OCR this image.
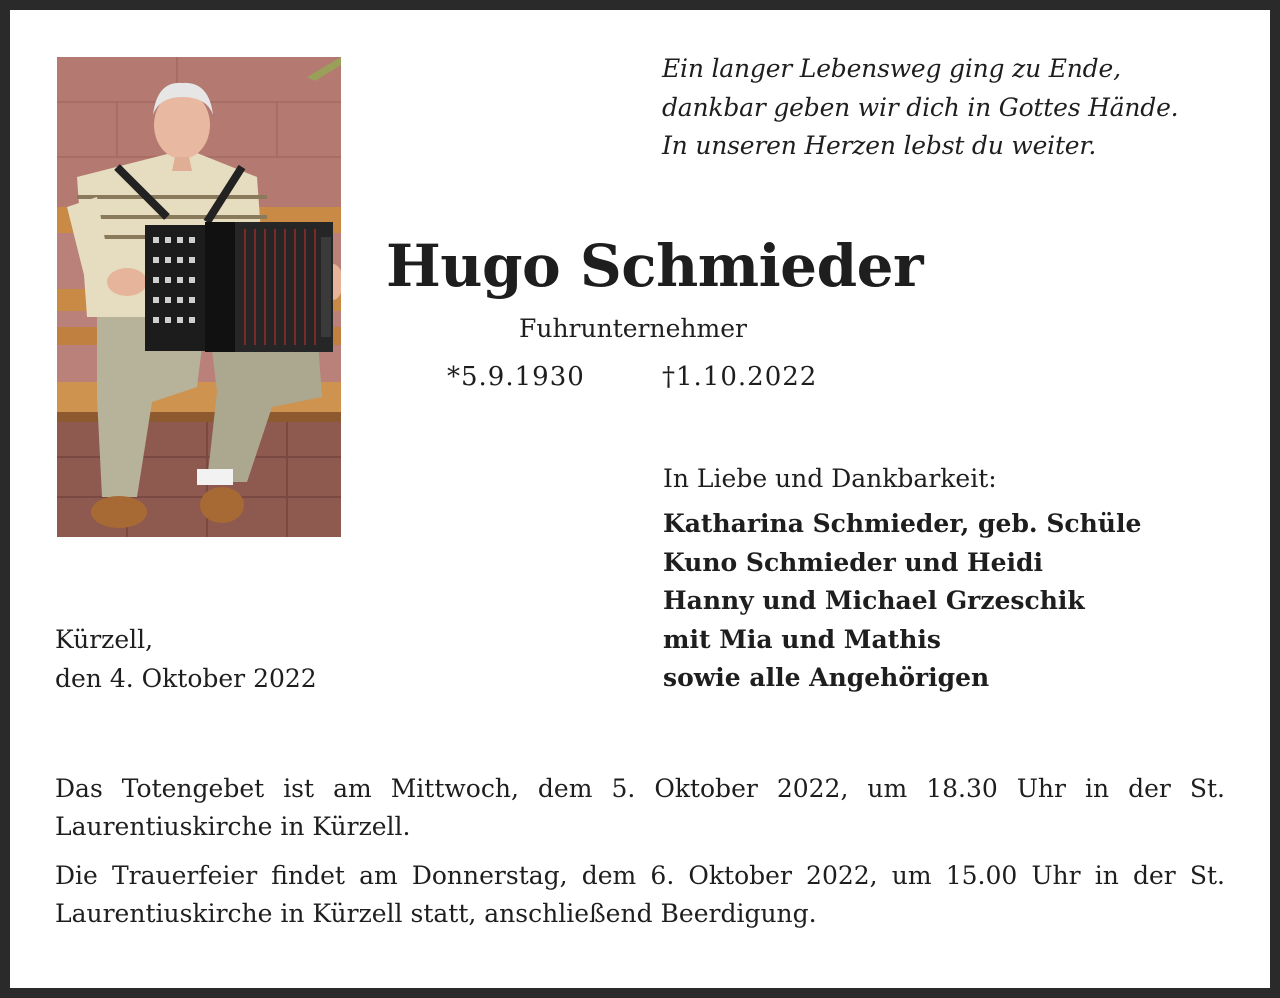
Ein langer Lebensweg ging zu Ende,
dankbar geben wir dich in Gottes Hände.
In unseren Herzen lebst du weiter.
Hugo Schmieder
Fuhrunternehmer
*5.9.1930	†1.10.2022
In Liebe und Dankbarkeit:
Katharina Schmieder, geb. Schüle
Kuno Schmieder und Heidi
Hanny und Michael Grzeschik
mit Mia und Mathis
sowie alle Angehörigen
Kürzell,
den 4. Oktober 2022

Das Totengebet ist am Mittwoch, dem 5. Oktober 2022, um 18.30 Uhr in der St. Laurentiuskirche in Kürzell.

Die Trauerfeier findet am Donnerstag, dem 6. Oktober 2022, um 15.00 Uhr in der St. Laurentiuskirche in Kürzell statt, anschließend Beerdigung.
